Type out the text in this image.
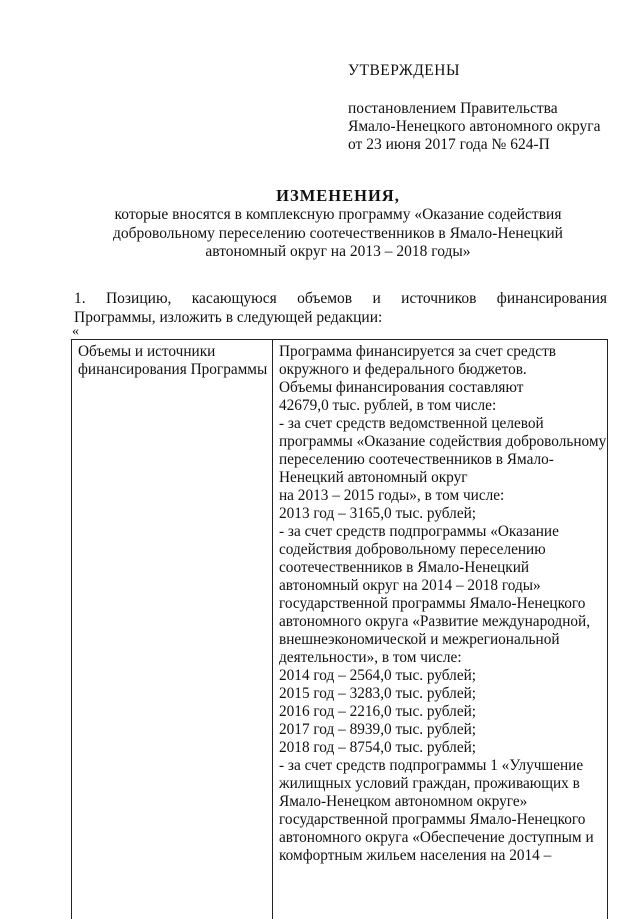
УТВЕРЖДЕНЫ
постановлением Правительства
Ямало-Ненецкого автономного округа
от 23 июня 2017 года № 624-П
ИЗМЕНЕНИЯ,
которые вносятся в комплексную программу «Оказание содействия
добровольному переселению соотечественников в Ямало-Ненецкий
автономный округ на 2013 – 2018 годы»
1. Позицию, касающуюся объемов и источников финансирования
Программы, изложить в следующей редакции:
«
Объемы и источники
финансирования Программы
Программа финансируется за счет средств
окружного и федерального бюджетов.
Объемы финансирования составляют
42679,0 тыс. рублей, в том числе:
- за счет средств ведомственной целевой
программы «Оказание содействия добровольному
переселению соотечественников в Ямало-
Ненецкий автономный округ
на 2013 – 2015 годы», в том числе:
2013 год – 3165,0 тыс. рублей;
- за счет средств подпрограммы «Оказание
содействия добровольному переселению
соотечественников в Ямало-Ненецкий
автономный округ на 2014 – 2018 годы»
государственной программы Ямало-Ненецкого
автономного округа «Развитие международной,
внешнеэкономической и межрегиональной
деятельности», в том числе:
2014 год – 2564,0 тыс. рублей;
2015 год – 3283,0 тыс. рублей;
2016 год – 2216,0 тыс. рублей;
2017 год – 8939,0 тыс. рублей;
2018 год – 8754,0 тыс. рублей;
- за счет средств подпрограммы 1 «Улучшение
жилищных условий граждан, проживающих в
Ямало-Ненецком автономном округе»
государственной программы Ямало-Ненецкого
автономного округа «Обеспечение доступным и
комфортным жильем населения на 2014 –
